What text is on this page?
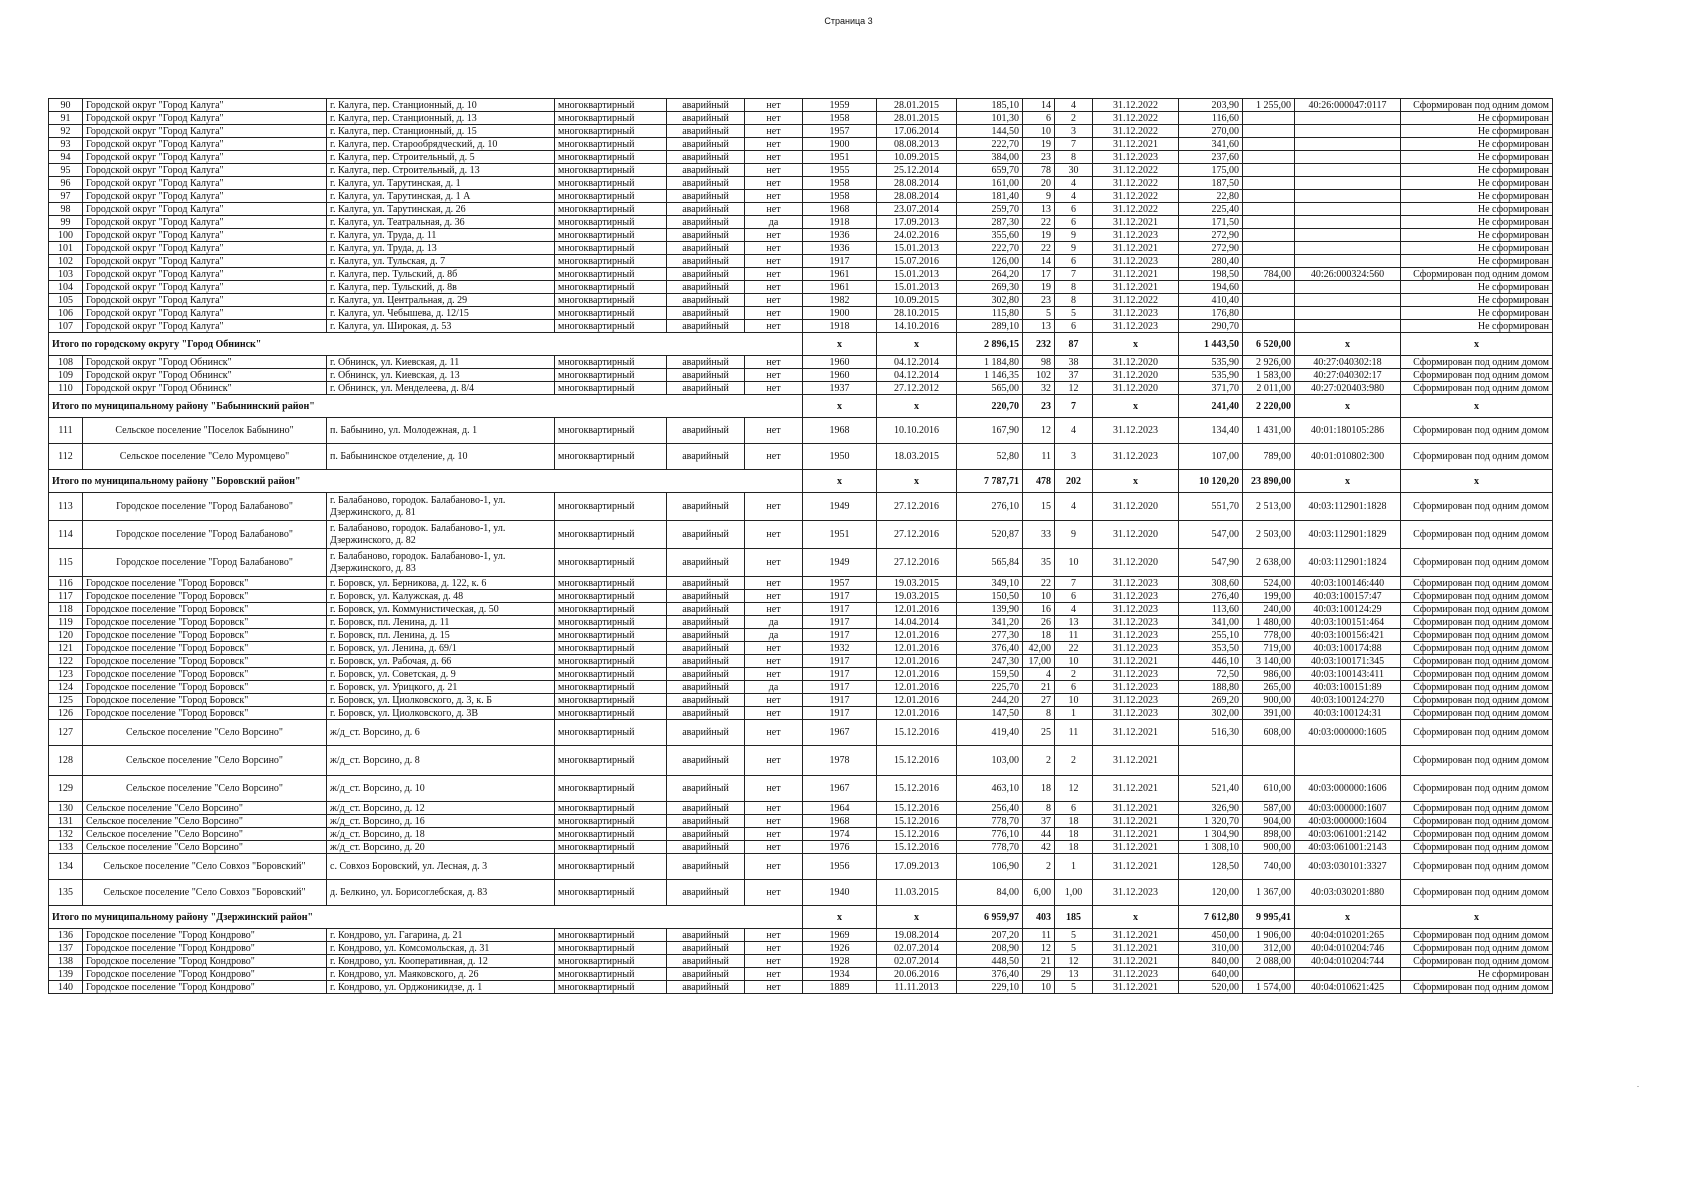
Страница 3
90	Городской округ "Город Калуга"	г. Калуга, пер. Станционный, д. 10	многоквартирный	аварийный	нет	1959	28.01.2015	185,10	14	4	31.12.2022	203,90	1 255,00	40:26:000047:0117	Сформирован под одним домом
91	Городской округ "Город Калуга"	г. Калуга, пер. Станционный, д. 13	многоквартирный	аварийный	нет	1958	28.01.2015	101,30	6	2	31.12.2022	116,60			Не сформирован
92	Городской округ "Город Калуга"	г. Калуга, пер. Станционный, д. 15	многоквартирный	аварийный	нет	1957	17.06.2014	144,50	10	3	31.12.2022	270,00			Не сформирован
93	Городской округ "Город Калуга"	г. Калуга, пер. Старообрядческий, д. 10	многоквартирный	аварийный	нет	1900	08.08.2013	222,70	19	7	31.12.2021	341,60			Не сформирован
94	Городской округ "Город Калуга"	г. Калуга, пер. Строительный, д. 5	многоквартирный	аварийный	нет	1951	10.09.2015	384,00	23	8	31.12.2023	237,60			Не сформирован
95	Городской округ "Город Калуга"	г. Калуга, пер. Строительный, д. 13	многоквартирный	аварийный	нет	1955	25.12.2014	659,70	78	30	31.12.2022	175,00			Не сформирован
96	Городской округ "Город Калуга"	г. Калуга, ул. Тарутинская, д. 1	многоквартирный	аварийный	нет	1958	28.08.2014	161,00	20	4	31.12.2022	187,50			Не сформирован
97	Городской округ "Город Калуга"	г. Калуга, ул. Тарутинская, д. 1 А	многоквартирный	аварийный	нет	1958	28.08.2014	181,40	9	4	31.12.2022	22,80			Не сформирован
98	Городской округ "Город Калуга"	г. Калуга, ул. Тарутинская, д. 26	многоквартирный	аварийный	нет	1968	23.07.2014	259,70	13	6	31.12.2022	225,40			Не сформирован
99	Городской округ "Город Калуга"	г. Калуга, ул. Театральная, д. 36	многоквартирный	аварийный	да	1918	17.09.2013	287,30	22	6	31.12.2021	171,50			Не сформирован
100	Городской округ "Город Калуга"	г. Калуга, ул. Труда, д. 11	многоквартирный	аварийный	нет	1936	24.02.2016	355,60	19	9	31.12.2023	272,90			Не сформирован
101	Городской округ "Город Калуга"	г. Калуга, ул. Труда, д. 13	многоквартирный	аварийный	нет	1936	15.01.2013	222,70	22	9	31.12.2021	272,90			Не сформирован
102	Городской округ "Город Калуга"	г. Калуга, ул. Тульская, д. 7	многоквартирный	аварийный	нет	1917	15.07.2016	126,00	14	6	31.12.2023	280,40			Не сформирован
103	Городской округ "Город Калуга"	г. Калуга, пер. Тульский, д. 8б	многоквартирный	аварийный	нет	1961	15.01.2013	264,20	17	7	31.12.2021	198,50	784,00	40:26:000324:560	Сформирован под одним домом
104	Городской округ "Город Калуга"	г. Калуга, пер. Тульский, д. 8в	многоквартирный	аварийный	нет	1961	15.01.2013	269,30	19	8	31.12.2021	194,60			Не сформирован
105	Городской округ "Город Калуга"	г. Калуга, ул. Центральная, д. 29	многоквартирный	аварийный	нет	1982	10.09.2015	302,80	23	8	31.12.2022	410,40			Не сформирован
106	Городской округ "Город Калуга"	г. Калуга, ул. Чебышева, д. 12/15	многоквартирный	аварийный	нет	1900	28.10.2015	115,80	5	5	31.12.2023	176,80			Не сформирован
107	Городской округ "Город Калуга"	г. Калуга, ул. Широкая, д. 53	многоквартирный	аварийный	нет	1918	14.10.2016	289,10	13	6	31.12.2023	290,70			Не сформирован
Итого по городскому округу "Город Обнинск"						x	x	2 896,15	232	87	x	1 443,50	6 520,00	x	x
108	Городской округ "Город Обнинск"	г. Обнинск, ул. Киевская, д. 11	многоквартирный	аварийный	нет	1960	04.12.2014	1 184,80	98	38	31.12.2020	535,90	2 926,00	40:27:040302:18	Сформирован под одним домом
109	Городской округ "Город Обнинск"	г. Обнинск, ул. Киевская, д. 13	многоквартирный	аварийный	нет	1960	04.12.2014	1 146,35	102	37	31.12.2020	535,90	1 583,00	40:27:040302:17	Сформирован под одним домом
110	Городской округ "Город Обнинск"	г. Обнинск, ул. Менделеева, д. 8/4	многоквартирный	аварийный	нет	1937	27.12.2012	565,00	32	12	31.12.2020	371,70	2 011,00	40:27:020403:980	Сформирован под одним домом
Итого по муниципальному району "Бабынинский район"						x	x	220,70	23	7	x	241,40	2 220,00	x	x
111	Сельское поселение "Поселок Бабынино"	п. Бабынино, ул. Молодежная, д. 1	многоквартирный	аварийный	нет	1968	10.10.2016	167,90	12	4	31.12.2023	134,40	1 431,00	40:01:180105:286	Сформирован под одним домом
112	Сельское поселение "Село Муромцево"	п. Бабынинское отделение, д. 10	многоквартирный	аварийный	нет	1950	18.03.2015	52,80	11	3	31.12.2023	107,00	789,00	40:01:010802:300	Сформирован под одним домом
Итого по муниципальному району "Боровский район"						x	x	7 787,71	478	202	x	10 120,20	23 890,00	x	x
113	Городское поселение "Город Балабаново"	г. Балабаново, городок. Балабаново-1, ул. Дзержинского, д. 81	многоквартирный	аварийный	нет	1949	27.12.2016	276,10	15	4	31.12.2020	551,70	2 513,00	40:03:112901:1828	Сформирован под одним домом
114	Городское поселение "Город Балабаново"	г. Балабаново, городок. Балабаново-1, ул. Дзержинского, д. 82	многоквартирный	аварийный	нет	1951	27.12.2016	520,87	33	9	31.12.2020	547,00	2 503,00	40:03:112901:1829	Сформирован под одним домом
115	Городское поселение "Город Балабаново"	г. Балабаново, городок. Балабаново-1, ул. Дзержинского, д. 83	многоквартирный	аварийный	нет	1949	27.12.2016	565,84	35	10	31.12.2020	547,90	2 638,00	40:03:112901:1824	Сформирован под одним домом
116	Городское поселение "Город Боровск"	г. Боровск, ул. Берникова, д. 122, к. 6	многоквартирный	аварийный	нет	1957	19.03.2015	349,10	22	7	31.12.2023	308,60	524,00	40:03:100146:440	Сформирован под одним домом
117	Городское поселение "Город Боровск"	г. Боровск, ул. Калужская, д. 48	многоквартирный	аварийный	нет	1917	19.03.2015	150,50	10	6	31.12.2023	276,40	199,00	40:03:100157:47	Сформирован под одним домом
118	Городское поселение "Город Боровск"	г. Боровск, ул. Коммунистическая, д. 50	многоквартирный	аварийный	нет	1917	12.01.2016	139,90	16	4	31.12.2023	113,60	240,00	40:03:100124:29	Сформирован под одним домом
119	Городское поселение "Город Боровск"	г. Боровск, пл. Ленина, д. 11	многоквартирный	аварийный	да	1917	14.04.2014	341,20	26	13	31.12.2023	341,00	1 480,00	40:03:100151:464	Сформирован под одним домом
120	Городское поселение "Город Боровск"	г. Боровск, пл. Ленина, д. 15	многоквартирный	аварийный	да	1917	12.01.2016	277,30	18	11	31.12.2023	255,10	778,00	40:03:100156:421	Сформирован под одним домом
121	Городское поселение "Город Боровск"	г. Боровск, ул. Ленина, д. 69/1	многоквартирный	аварийный	нет	1932	12.01.2016	376,40	42,00	22	31.12.2023	353,50	719,00	40:03:100174:88	Сформирован под одним домом
122	Городское поселение "Город Боровск"	г. Боровск, ул. Рабочая, д. 66	многоквартирный	аварийный	нет	1917	12.01.2016	247,30	17,00	10	31.12.2021	446,10	3 140,00	40:03:100171:345	Сформирован под одним домом
123	Городское поселение "Город Боровск"	г. Боровск, ул. Советская, д. 9	многоквартирный	аварийный	нет	1917	12.01.2016	159,50	4	2	31.12.2023	72,50	986,00	40:03:100143:411	Сформирован под одним домом
124	Городское поселение "Город Боровск"	г. Боровск, ул. Урицкого, д. 21	многоквартирный	аварийный	да	1917	12.01.2016	225,70	21	6	31.12.2023	188,80	265,00	40:03:100151:89	Сформирован под одним домом
125	Городское поселение "Город Боровск"	г. Боровск, ул. Циолковского, д. 3, к. Б	многоквартирный	аварийный	нет	1917	12.01.2016	244,20	27	10	31.12.2023	269,20	900,00	40:03:100124:270	Сформирован под одним домом
126	Городское поселение "Город Боровск"	г. Боровск, ул. Циолковского, д. 3В	многоквартирный	аварийный	нет	1917	12.01.2016	147,50	8	1	31.12.2023	302,00	391,00	40:03:100124:31	Сформирован под одним домом
127	Сельское поселение "Село Ворсино"	ж/д_ст. Ворсино, д. 6	многоквартирный	аварийный	нет	1967	15.12.2016	419,40	25	11	31.12.2021	516,30	608,00	40:03:000000:1605	Сформирован под одним домом
128	Сельское поселение "Село Ворсино"	ж/д_ст. Ворсино, д. 8	многоквартирный	аварийный	нет	1978	15.12.2016	103,00	2	2	31.12.2021				Сформирован под одним домом
129	Сельское поселение "Село Ворсино"	ж/д_ст. Ворсино, д. 10	многоквартирный	аварийный	нет	1967	15.12.2016	463,10	18	12	31.12.2021	521,40	610,00	40:03:000000:1606	Сформирован под одним домом
130	Сельское поселение "Село Ворсино"	ж/д_ст. Ворсино, д. 12	многоквартирный	аварийный	нет	1964	15.12.2016	256,40	8	6	31.12.2021	326,90	587,00	40:03:000000:1607	Сформирован под одним домом
131	Сельское поселение "Село Ворсино"	ж/д_ст. Ворсино, д. 16	многоквартирный	аварийный	нет	1968	15.12.2016	778,70	37	18	31.12.2021	1 320,70	904,00	40:03:000000:1604	Сформирован под одним домом
132	Сельское поселение "Село Ворсино"	ж/д_ст. Ворсино, д. 18	многоквартирный	аварийный	нет	1974	15.12.2016	776,10	44	18	31.12.2021	1 304,90	898,00	40:03:061001:2142	Сформирован под одним домом
133	Сельское поселение "Село Ворсино"	ж/д_ст. Ворсино, д. 20	многоквартирный	аварийный	нет	1976	15.12.2016	778,70	42	18	31.12.2021	1 308,10	900,00	40:03:061001:2143	Сформирован под одним домом
134	Сельское поселение "Село Совхоз "Боровский"	с. Совхоз Боровский, ул. Лесная, д. 3	многоквартирный	аварийный	нет	1956	17.09.2013	106,90	2	1	31.12.2021	128,50	740,00	40:03:030101:3327	Сформирован под одним домом
135	Сельское поселение "Село Совхоз "Боровский"	д. Белкино, ул. Борисоглебская, д. 83	многоквартирный	аварийный	нет	1940	11.03.2015	84,00	6,00	1,00	31.12.2023	120,00	1 367,00	40:03:030201:880	Сформирован под одним домом
Итого по муниципальному району "Дзержинский район"						x	x	6 959,97	403	185	x	7 612,80	9 995,41	x	x
136	Городское поселение "Город Кондрово"	г. Кондрово, ул. Гагарина, д. 21	многоквартирный	аварийный	нет	1969	19.08.2014	207,20	11	5	31.12.2021	450,00	1 906,00	40:04:010201:265	Сформирован под одним домом
137	Городское поселение "Город Кондрово"	г. Кондрово, ул. Комсомольская, д. 31	многоквартирный	аварийный	нет	1926	02.07.2014	208,90	12	5	31.12.2021	310,00	312,00	40:04:010204:746	Сформирован под одним домом
138	Городское поселение "Город Кондрово"	г. Кондрово, ул. Кооперативная, д. 12	многоквартирный	аварийный	нет	1928	02.07.2014	448,50	21	12	31.12.2021	840,00	2 088,00	40:04:010204:744	Сформирован под одним домом
139	Городское поселение "Город Кондрово"	г. Кондрово, ул. Маяковского, д. 26	многоквартирный	аварийный	нет	1934	20.06.2016	376,40	29	13	31.12.2023	640,00			Не сформирован
140	Городское поселение "Город Кондрово"	г. Кондрово, ул. Орджоникидзе, д. 1	многоквартирный	аварийный	нет	1889	11.11.2013	229,10	10	5	31.12.2021	520,00	1 574,00	40:04:010621:425	Сформирован под одним домом
.
